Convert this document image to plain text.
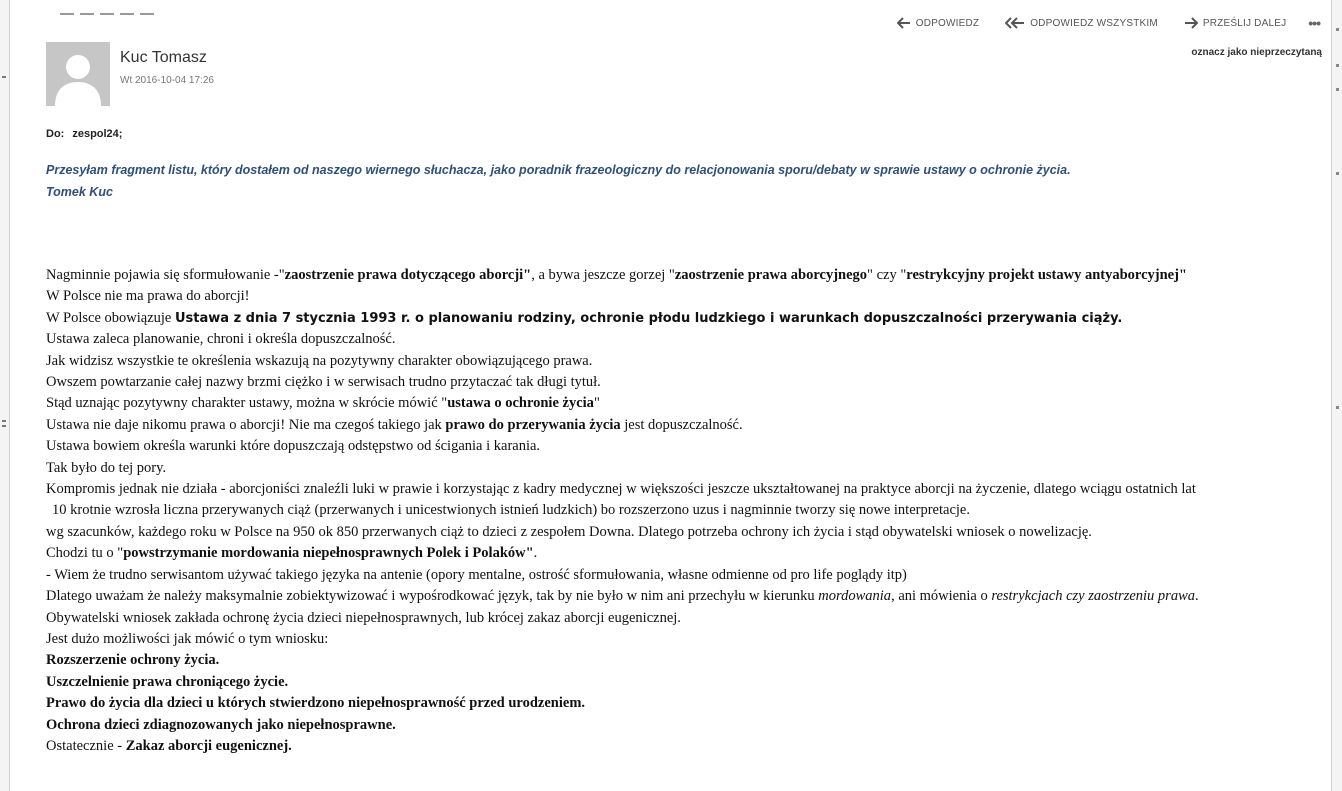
ODPOWIEDZ	ODPOWIEDZ WSZYSTKIM	PRZEŚLIJ DALEJ •••
oznacz jako nieprzeczytaną
Kuc Tomasz
Wt 2016-10-04 17:26
Do: zespol24;
Przesyłam fragment listu, który dostałem od naszego wiernego słuchacza, jako poradnik frazeologiczny do relacjonowania sporu/debaty w sprawie ustawy o ochronie życia.
Tomek Kuc
Nagminnie pojawia się sformułowanie -"zaostrzenie prawa dotyczącego aborcji", a bywa jeszcze gorzej "zaostrzenie prawa aborcyjnego" czy "restrykcyjny projekt ustawy antyaborcyjnej"
W Polsce nie ma prawa do aborcji!
W Polsce obowiązuje Ustawa z dnia 7 stycznia 1993 r. o planowaniu rodziny, ochronie płodu ludzkiego i warunkach dopuszczalności przerywania ciąży.
Ustawa zaleca planowanie, chroni i określa dopuszczalność.
Jak widzisz wszystkie te określenia wskazują na pozytywny charakter obowiązującego prawa.
Owszem powtarzanie całej nazwy brzmi ciężko i w serwisach trudno przytaczać tak długi tytuł.
Stąd uznając pozytywny charakter ustawy, można w skrócie mówić "ustawa o ochronie życia"
Ustawa nie daje nikomu prawa o aborcji! Nie ma czegoś takiego jak prawo do przerywania życia jest dopuszczalność.
Ustawa bowiem określa warunki które dopuszczają odstępstwo od ścigania i karania.
Tak było do tej pory.
Kompromis jednak nie działa - aborcjoniści znaleźli luki w prawie i korzystając z kadry medycznej w większości jeszcze ukształtowanej na praktyce aborcji na życzenie, dlatego wciągu ostatnich lat
10 krotnie wzrosła liczna przerywanych ciąż (przerwanych i unicestwionych istnień ludzkich) bo rozszerzono uzus i nagminnie tworzy się nowe interpretacje.
wg szacunków, każdego roku w Polsce na 950 ok 850 przerwanych ciąż to dzieci z zespołem Downa. Dlatego potrzeba ochrony ich życia i stąd obywatelski wniosek o nowelizację.
Chodzi tu o "powstrzymanie mordowania niepełnosprawnych Polek i Polaków".
- Wiem że trudno serwisantom używać takiego języka na antenie (opory mentalne, ostrość sformułowania, własne odmienne od pro life poglądy itp)
Dlatego uważam że należy maksymalnie zobiektywizować i wypośrodkować język, tak by nie było w nim ani przechyłu w kierunku mordowania, ani mówienia o restrykcjach czy zaostrzeniu prawa.
Obywatelski wniosek zakłada ochronę życia dzieci niepełnosprawnych, lub krócej zakaz aborcji eugenicznej.
Jest dużo możliwości jak mówić o tym wniosku:
Rozszerzenie ochrony życia.
Uszczelnienie prawa chroniącego życie.
Prawo do życia dla dzieci u których stwierdzono niepełnosprawność przed urodzeniem.
Ochrona dzieci zdiagnozowanych jako niepełnosprawne.
Ostatecznie - Zakaz aborcji eugenicznej.
